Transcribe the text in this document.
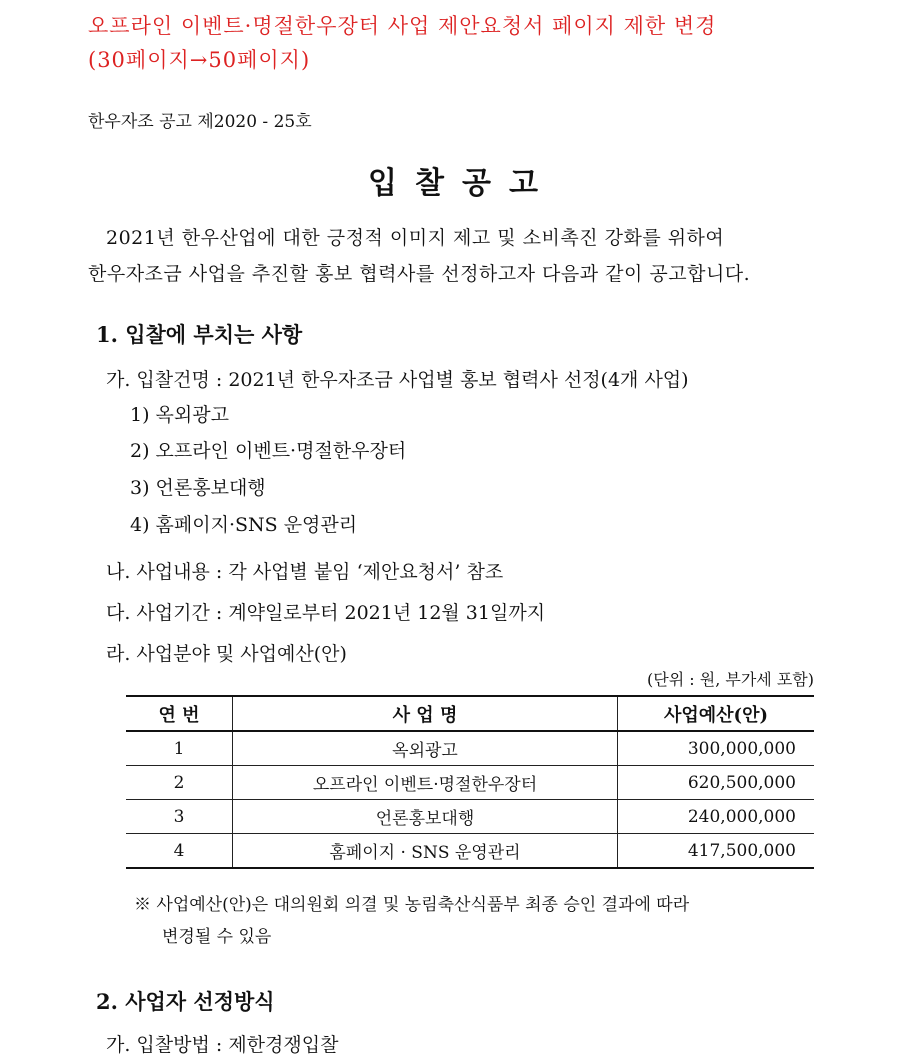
오프라인 이벤트·명절한우장터 사업 제안요청서 페이지 제한 변경
(30페이지→50페이지)
한우자조 공고 제2020 - 25호
입찰공고
2021년 한우산업에 대한 긍정적 이미지 제고 및 소비촉진 강화를 위하여
한우자조금 사업을 추진할 홍보 협력사를 선정하고자 다음과 같이 공고합니다.
1. 입찰에 부치는 사항
가. 입찰건명 : 2021년 한우자조금 사업별 홍보 협력사 선정(4개 사업)
1) 옥외광고
2) 오프라인 이벤트·명절한우장터
3) 언론홍보대행
4) 홈페이지·SNS 운영관리
나. 사업내용 : 각 사업별 붙임 ‘제안요청서’ 참조
다. 사업기간 : 계약일로부터 2021년 12월 31일까지
라. 사업분야 및 사업예산(안)
(단위 : 원, 부가세 포함)
연 번	사 업 명	사업예산(안)
1	옥외광고	300,000,000
2	오프라인 이벤트·명절한우장터	620,500,000
3	언론홍보대행	240,000,000
4	홈페이지 · SNS 운영관리	417,500,000
※ 사업예산(안)은 대의원회 의결 및 농림축산식품부 최종 승인 결과에 따라
변경될 수 있음
2. 사업자 선정방식
가. 입찰방법 : 제한경쟁입찰
